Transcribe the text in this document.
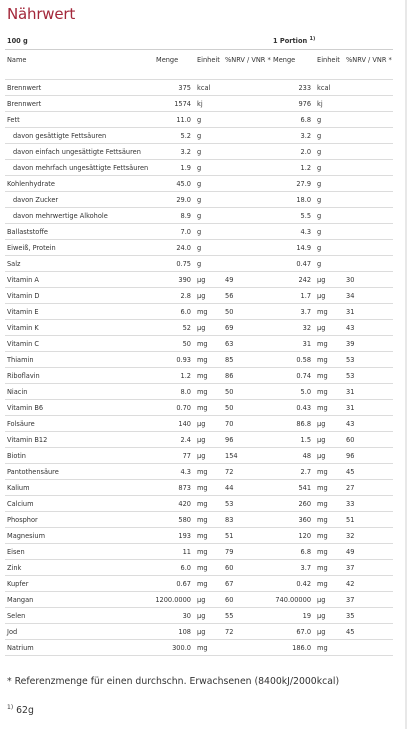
Nährwert
100 g				1 Portion $^{1)}$
Name	Menge	Einheit	%NRV / VNR *	Menge	Einheit	%NRV / VNR *
Brennwert	375	kcal		233	kcal	
Brennwert	1574	kj		976	kj	
Fett	11.0	g		6.8	g	
davon gesättigte Fettsäuren	5.2	g		3.2	g	
davon einfach ungesättigte Fettsäuren	3.2	g		2.0	g	
davon mehrfach ungesättigte Fettsäuren	1.9	g		1.2	g	
Kohlenhydrate	45.0	g		27.9	g	
davon Zucker	29.0	g		18.0	g	
davon mehrwertige Alkohole	8.9	g		5.5	g	
Ballaststoffe	7.0	g		4.3	g	
Eiweiß, Protein	24.0	g		14.9	g	
Salz	0.75	g		0.47	g	
Vitamin A	390	µg	49	242	µg	30
Vitamin D	2.8	µg	56	1.7	µg	34
Vitamin E	6.0	mg	50	3.7	mg	31
Vitamin K	52	µg	69	32	µg	43
Vitamin C	50	mg	63	31	mg	39
Thiamin	0.93	mg	85	0.58	mg	53
Riboflavin	1.2	mg	86	0.74	mg	53
Niacin	8.0	mg	50	5.0	mg	31
Vitamin B6	0.70	mg	50	0.43	mg	31
Folsäure	140	µg	70	86.8	µg	43
Vitamin B12	2.4	µg	96	1.5	µg	60
Biotin	77	µg	154	48	µg	96
Pantothensäure	4.3	mg	72	2.7	mg	45
Kalium	873	mg	44	541	mg	27
Calcium	420	mg	53	260	mg	33
Phosphor	580	mg	83	360	mg	51
Magnesium	193	mg	51	120	mg	32
Eisen	11	mg	79	6.8	mg	49
Zink	6.0	mg	60	3.7	mg	37
Kupfer	0.67	mg	67	0.42	mg	42
Mangan	1200.0000	µg	60	740.00000	µg	37
Selen	30	µg	55	19	µg	35
Jod	108	µg	72	67.0	µg	45
Natrium	300.0	mg		186.0	mg	
* Referenzmenge für einen durchschn. Erwachsenen (8400kJ/2000kcal)
$^{1)}$ 62g
